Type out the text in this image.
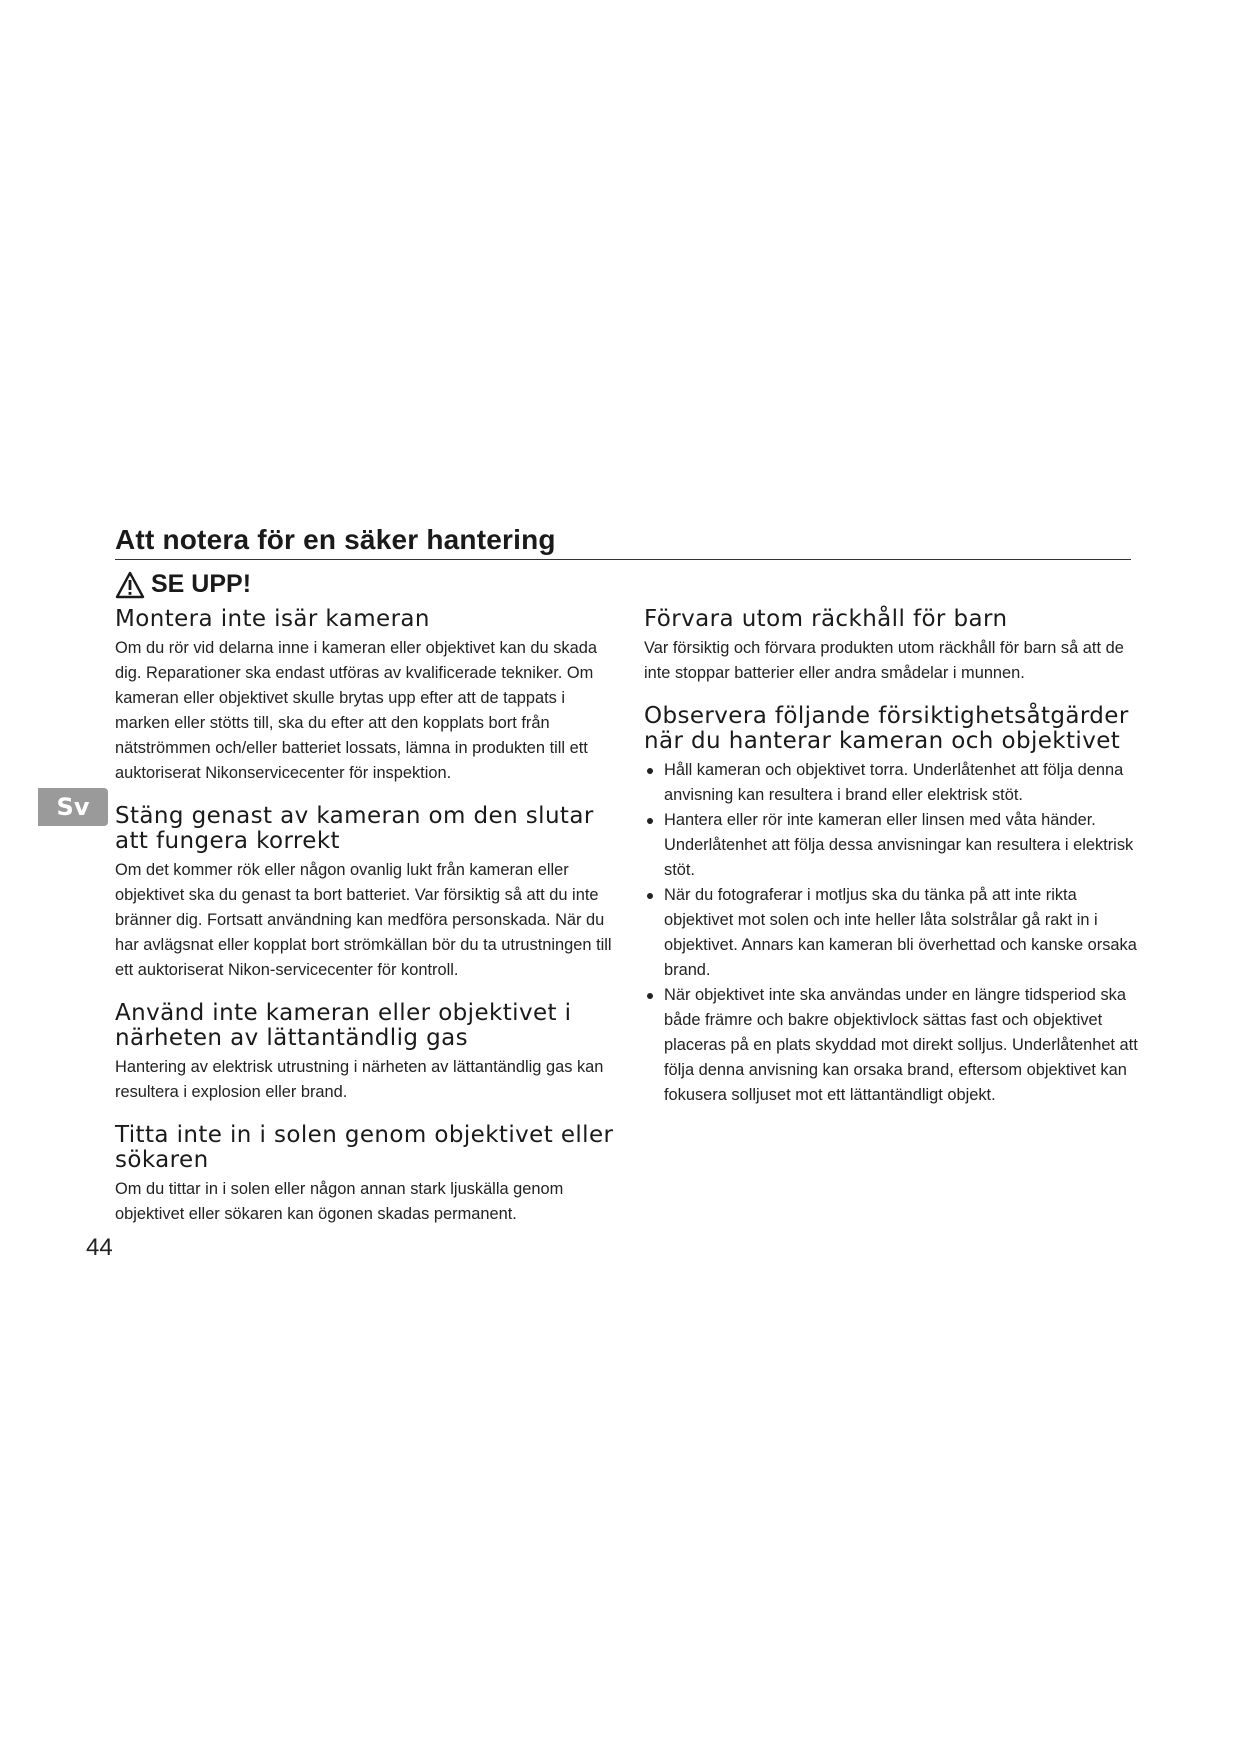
Att notera för en säker hantering
SE UPP!
Montera inte isär kameran

Om du rör vid delarna inne i kameran eller objektivet kan du skada dig. Reparationer ska endast utföras av kvalificerade tekniker. Om kameran eller objektivet skulle brytas upp efter att de tappats i marken eller stötts till, ska du efter att den kopplats bort från nätströmmen och/eller batteriet lossats, lämna in produkten till ett auktoriserat Nikonservicecenter för inspektion.

Stäng genast av kameran om den slutar att fungera korrekt

Om det kommer rök eller någon ovanlig lukt från kameran eller objektivet ska du genast ta bort batteriet. Var försiktig så att du inte bränner dig. Fortsatt användning kan medföra personskada. När du har avlägsnat eller kopplat bort strömkällan bör du ta utrustningen till ett auktoriserat Nikon-servicecenter för kontroll.

Använd inte kameran eller objektivet i närheten av lättantändlig gas

Hantering av elektrisk utrustning i närheten av lättantändlig gas kan resultera i explosion eller brand.

Titta inte in i solen genom objektivet eller sökaren

Om du tittar in i solen eller någon annan stark ljuskälla genom objektivet eller sökaren kan ögonen skadas permanent.

Förvara utom räckhåll för barn

Var försiktig och förvara produkten utom räckhåll för barn så att de inte stoppar batterier eller andra smådelar i munnen.

Observera följande försiktighetsåtgärder när du hanterar kameran och objektivet
Håll kameran och objektivet torra. Underlåtenhet att följa denna anvisning kan resultera i brand eller elektrisk stöt.
Hantera eller rör inte kameran eller linsen med våta händer. Underlåtenhet att följa dessa anvisningar kan resultera i elektrisk stöt.
När du fotograferar i motljus ska du tänka på att inte rikta objektivet mot solen och inte heller låta solstrålar gå rakt in i objektivet. Annars kan kameran bli överhettad och kanske orsaka brand.
När objektivet inte ska användas under en längre tidsperiod ska både främre och bakre objektivlock sättas fast och objektivet placeras på en plats skyddad mot direkt solljus. Underlåtenhet att följa denna anvisning kan orsaka brand, eftersom objektivet kan fokusera solljuset mot ett lättantändligt objekt.
Sv
44
